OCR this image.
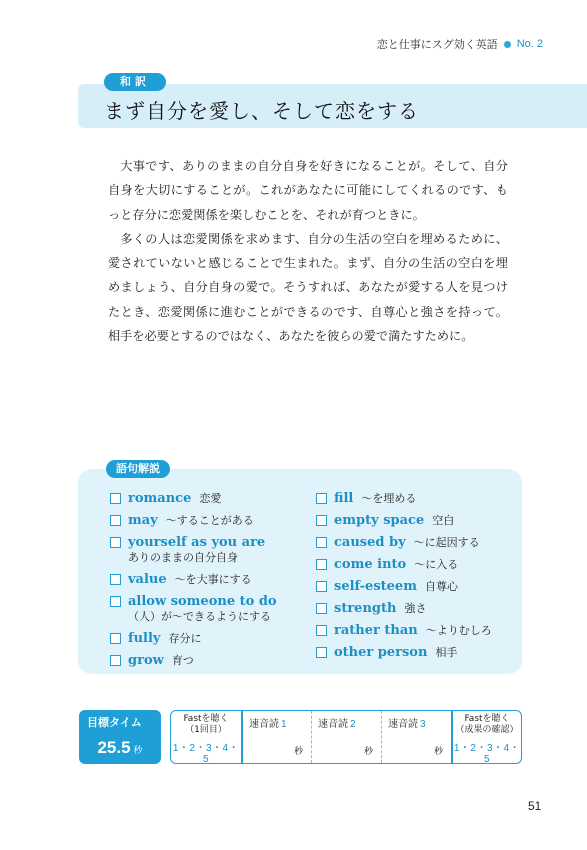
恋と仕事にスグ効く英語 No. 2
和訳
まず自分を愛し、そして恋をする

大事です、ありのままの自分自身を好きになることが。そして、自分自身を大切にすることが。これがあなたに可能にしてくれるのです、もっと存分に恋愛関係を楽しむことを、それが育つときに。

多くの人は恋愛関係を求めます、自分の生活の空白を埋めるために、愛されていないと感じることで生まれた。まず、自分の生活の空白を埋めましょう、自分自身の愛で。そうすれば、あなたが愛する人を見つけたとき、恋愛関係に進むことができるのです、自尊心と強さを持って。相手を必要とするのではなく、あなたを彼らの愛で満たすために。

語句解説
romance 恋愛
may 〜することがある
yourself as you are
ありのままの自分自身
value 〜を大事にする
allow someone to do
（人）が〜できるようにする
fully 存分に
grow 育つ
fill 〜を埋める
empty space 空白
caused by 〜に起因する
come into 〜に入る
self-esteem 自尊心
strength 強さ
rather than 〜よりむしろ
other person 相手
目標タイム
25.5 秒
Fastを聴く
（1回目）
1・2・3・4・5
速音読 1
秒
速音読 2
秒
速音読 3
秒
Fastを聴く
（成果の確認）
1・2・3・4・5
51
